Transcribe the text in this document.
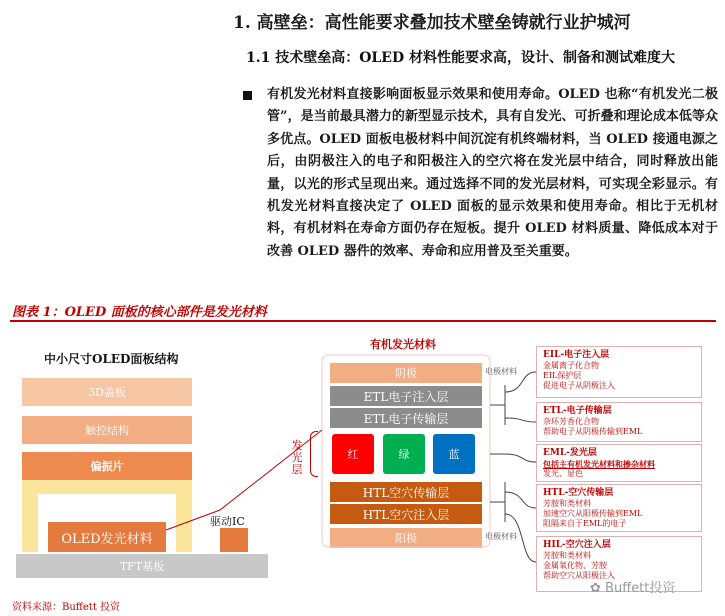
1. 高壁垒：高性能要求叠加技术壁垒铸就行业护城河
1.1 技术壁垒高：OLED 材料性能要求高，设计、制备和测试难度大
有机发光材料直接影响面板显示效果和使用寿命。OLED 也称“有机发光二极管”，是当前最具潜力的新型显示技术，具有自发光、可折叠和理论成本低等众多优点。OLED 面板电极材料中间沉淀有机终端材料，当 OLED 接通电源之后，由阴极注入的电子和阳极注入的空穴将在发光层中结合，同时释放出能量，以光的形式呈现出来。通过选择不同的发光层材料，可实现全彩显示。有机发光材料直接决定了 OLED 面板的显示效果和使用寿命。相比于无机材料，有机材料在寿命方面仍存在短板。提升 OLED 材料质量、降低成本对于改善 OLED 器件的效率、寿命和应用普及至关重要。
图表 1：OLED 面板的核心部件是发光材料
中小尺寸OLED面板结构
3D盖板
触控结构
偏振片
OLED发光材料
TFT基板
驱动IC
有机发光材料
阴极	电极材料
ETL电子注入层
ETL电子传输层
红	绿	蓝
发光层
HTL空穴传输层
HTL空穴注入层
阳极	电极材料
EIL-电子注入层
金属离子化合物
EIL保护层
促进电子从阴极注入
ETL-电子传输层
杂环芳香化合物
帮助电子从阴极传输到EML
EML-发光层
包括主有机发光材料和掺杂材料
发光、显色
HTL-空穴传输层
芳胺和类材料
加速空穴从阳极传输到EML
阻隔来自于EML的电子
HIL-空穴注入层
芳胺和类材料
金属氧化物、芳胺
帮助空穴从阳极注入
✿ Buffett投资
资料来源：Buffett 投资
